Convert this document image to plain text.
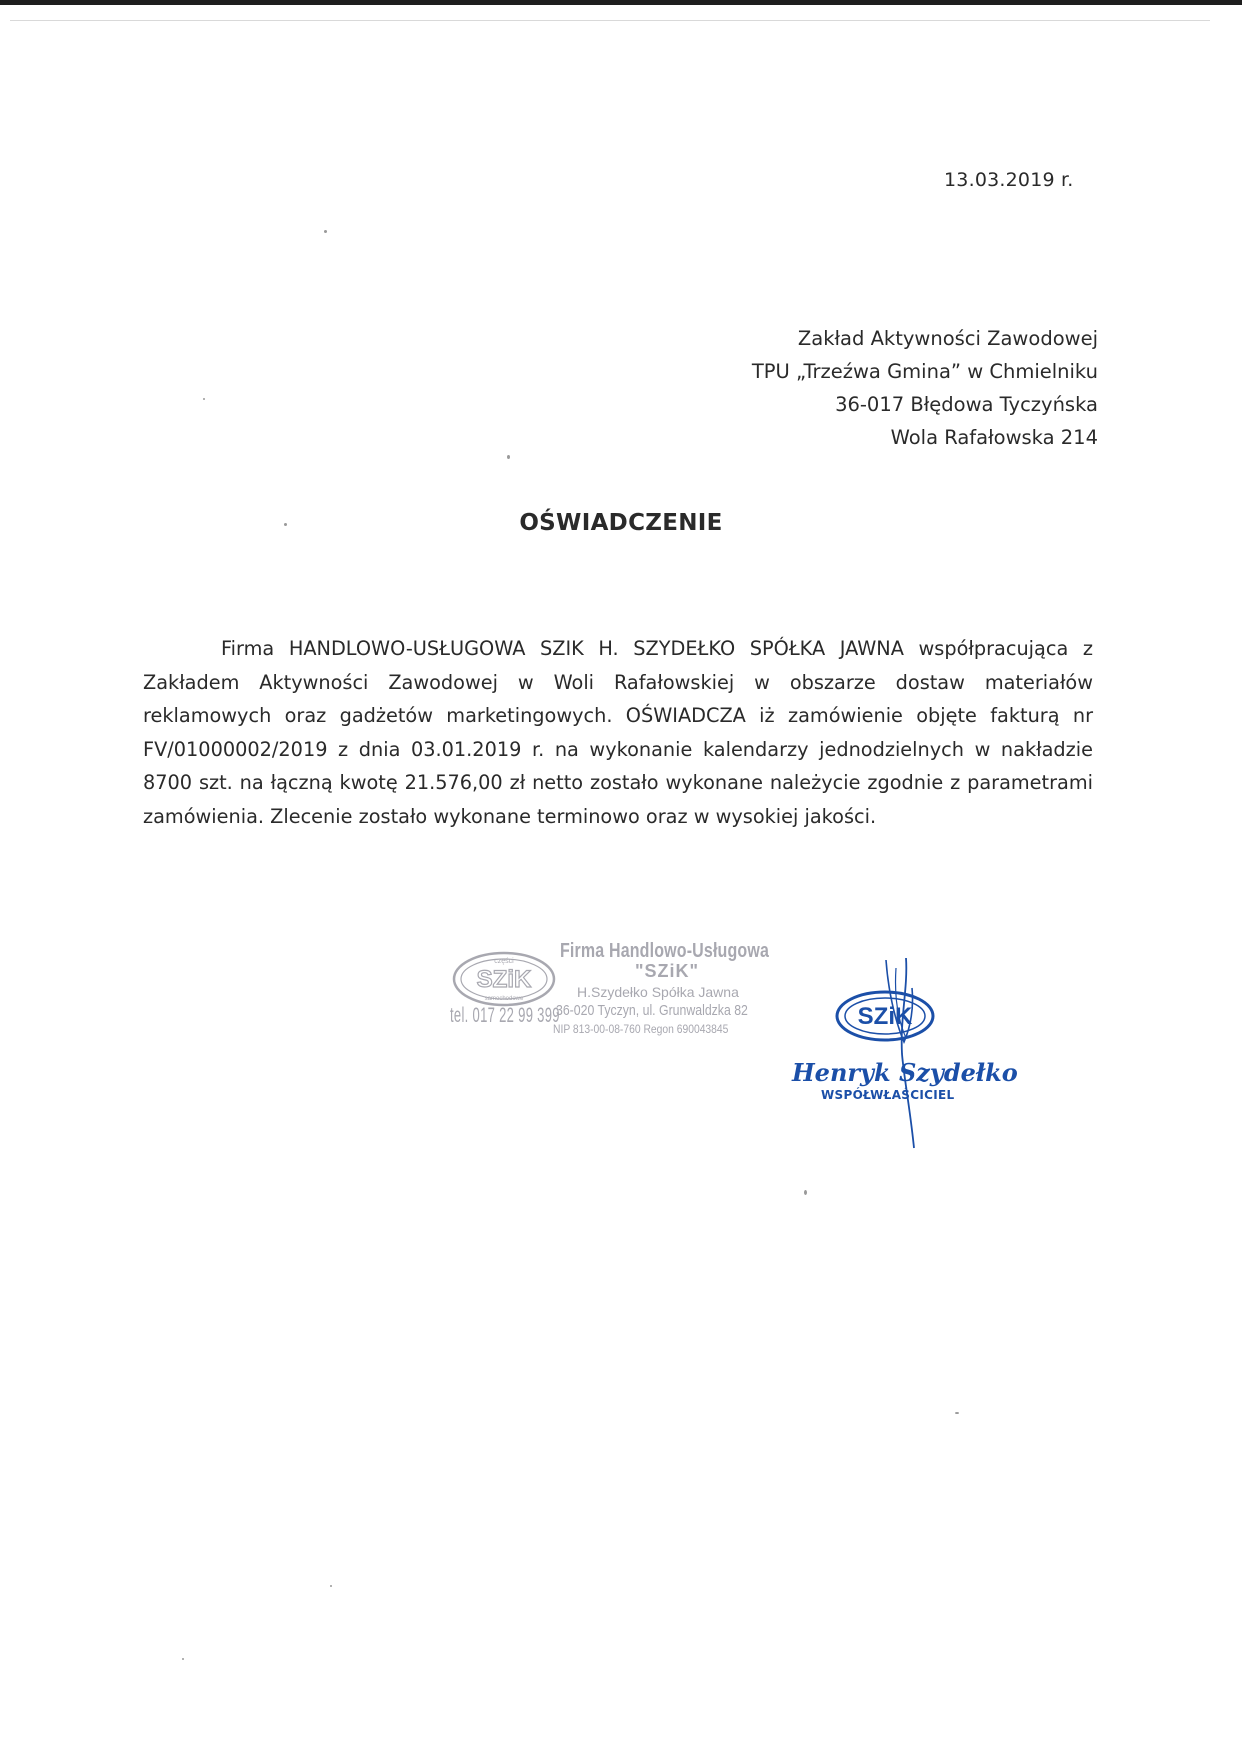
13.03.2019 r.
Zakład Aktywności Zawodowej
TPU „Trzeźwa Gmina” w Chmielniku
36-017 Błędowa Tyczyńska
Wola Rafałowska 214
OŚWIADCZENIE
Firma HANDLOWO-USŁUGOWA SZIK H. SZYDEŁKO SPÓŁKA JAWNA współpracująca z Zakładem Aktywności Zawodowej w Woli Rafałowskiej w obszarze dostaw materiałów reklamowych oraz gadżetów marketingowych. OŚWIADCZA iż zamówienie objęte fakturą nr FV/01000002/2019 z dnia 03.01.2019 r. na wykonanie kalendarzy jednodzielnych w nakładzie 8700 szt. na łączną kwotę 21.576,00 zł netto zostało wykonane należycie zgodnie z parametrami zamówienia. Zlecenie zostało wykonane terminowo oraz w wysokiej jakości.
SZiK
części
samochodowe
Firma Handlowo-Usługowa
"SZiK"
H.Szydełko Spółka Jawna
36-020 Tyczyn, ul. Grunwaldzka 82
NIP 813-00-08-760 Regon 690043845
tel. 017 22 99 399	SZiK
Henryk Szydełko
WSPÓŁWŁAŚCICIEL
